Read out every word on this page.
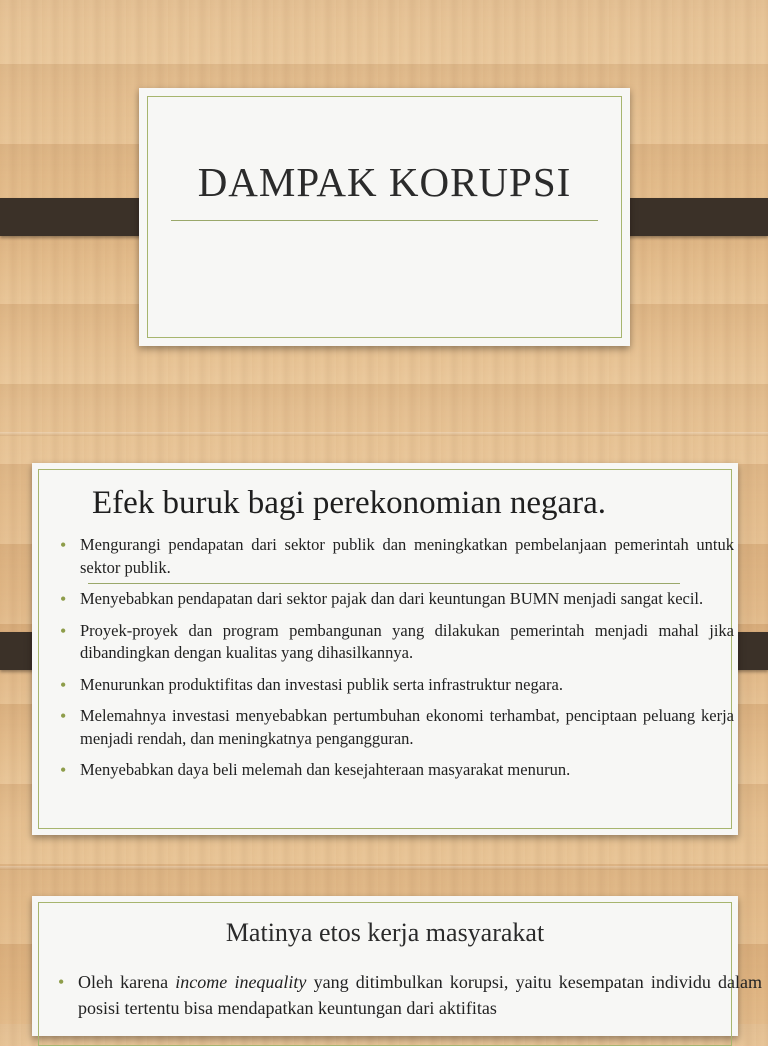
DAMPAK KORUPSI
Efek buruk bagi perekonomian negara.
• Mengurangi pendapatan dari sektor publik dan meningkatkan pembelanjaan pemerintah untuk sektor publik.
• Menyebabkan pendapatan dari sektor pajak dan dari keuntungan BUMN menjadi sangat kecil.
• Proyek-proyek dan program pembangunan yang dilakukan pemerintah menjadi mahal jika dibandingkan dengan kualitas yang dihasilkannya.
• Menurunkan produktifitas dan investasi publik serta infrastruktur negara.
• Melemahnya investasi menyebabkan pertumbuhan ekonomi terhambat, penciptaan peluang kerja menjadi rendah, dan meningkatnya pengangguran.
• Menyebabkan daya beli melemah dan kesejahteraan masyarakat menurun.
Matinya etos kerja masyarakat
• Oleh karena income inequality yang ditimbulkan korupsi, yaitu kesempatan individu dalam posisi tertentu bisa mendapatkan keuntungan dari aktifitas
